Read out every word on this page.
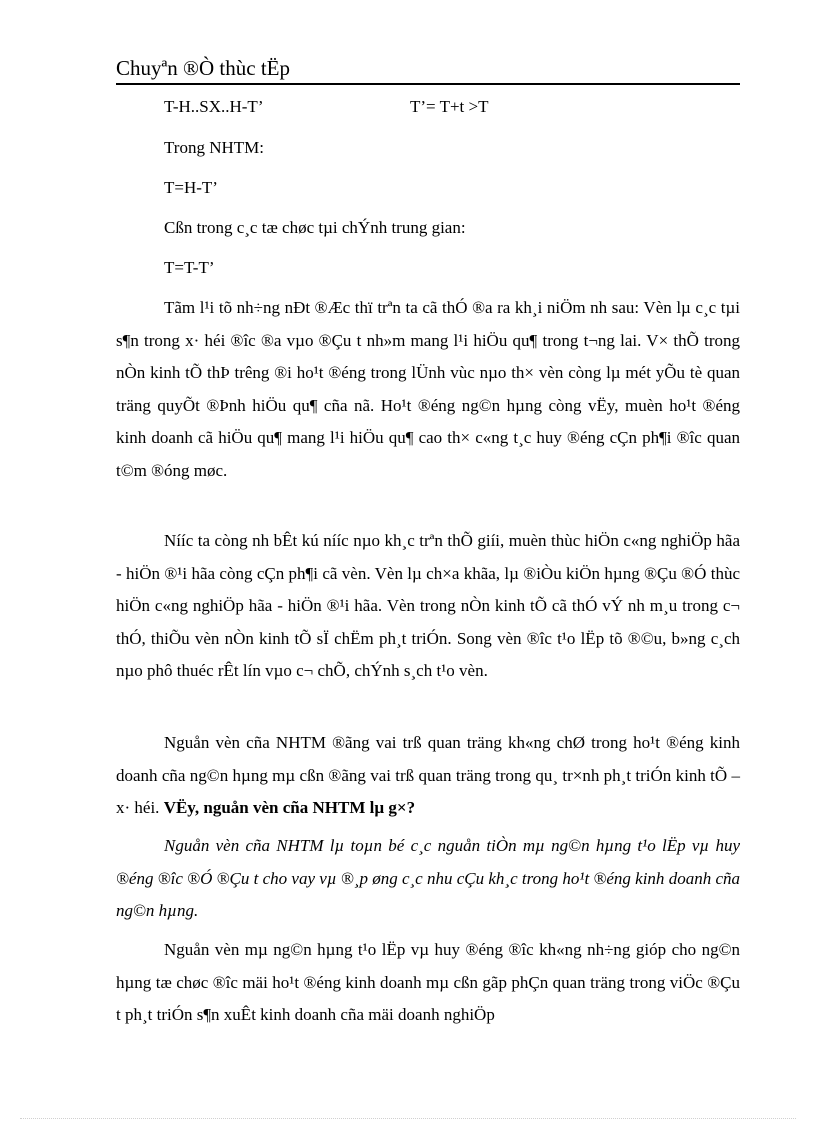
Chuyªn ®Ò thùc tËp
T-H..SX..H-T’	T’= T+t >T
Trong NHTM:
T=H-T’
Cßn trong c¸c tæ chøc tµi chÝnh trung gian:
T=T-T’

Tãm l¹i tõ nh÷ng nÐt ®Æc thï trªn ta cã thÓ ®a ra kh¸i niÖm nh sau: Vèn lµ c¸c tµi s¶n trong x· héi ®îc ®a vµo ®Çu t nh»m mang l¹i hiÖu qu¶ trong t¬ng lai. V× thÕ trong nÒn kinh tÕ thÞ trêng ®i ho¹t ®éng trong lÜnh vùc nµo th× vèn còng lµ mét yÕu tè quan träng quyÕt ®Þnh hiÖu qu¶ cña nã. Ho¹t ®éng ng©n hµng còng vËy, muèn ho¹t ®éng kinh doanh cã hiÖu qu¶ mang l¹i hiÖu qu¶ cao th× c«ng t¸c huy ®éng cÇn ph¶i ®îc quan t©m ®óng møc.

Nííc ta còng nh bÊt kú nííc nµo kh¸c trªn thÕ giíi, muèn thùc hiÖn c«ng nghiÖp hãa - hiÖn ®¹i hãa còng cÇn ph¶i cã vèn. Vèn lµ ch×a khãa, lµ ®iÒu kiÖn hµng ®Çu ®Ó thùc hiÖn c«ng nghiÖp hãa - hiÖn ®¹i hãa. Vèn trong nÒn kinh tÕ cã thÓ vÝ nh m¸u trong c¬ thÓ, thiÕu vèn nÒn kinh tÕ sÏ chËm ph¸t triÓn. Song vèn ®îc t¹o lËp tõ ®©u, b»ng c¸ch nµo phô thuéc rÊt lín vµo c¬ chÕ, chÝnh s¸ch t¹o vèn.

Nguån vèn cña NHTM ®ãng vai trß quan träng kh«ng chØ trong ho¹t ®éng kinh doanh cña ng©n hµng mµ cßn ®ãng vai trß quan träng trong qu¸ tr×nh ph¸t triÓn kinh tÕ – x· héi. VËy, nguån vèn cña NHTM lµ g×?

Nguån vèn cña NHTM lµ toµn bé c¸c nguån tiÒn mµ ng©n hµng t¹o lËp vµ huy ®éng ®îc ®Ó ®Çu t cho vay vµ ®¸p øng c¸c nhu cÇu kh¸c trong ho¹t ®éng kinh doanh cña ng©n hµng.

Nguån vèn mµ ng©n hµng t¹o lËp vµ huy ®éng ®îc kh«ng nh÷ng gióp cho ng©n hµng tæ chøc ®îc mäi ho¹t ®éng kinh doanh mµ cßn gãp phÇn quan träng trong viÖc ®Çu t ph¸t triÓn s¶n xuÊt kinh doanh cña mäi doanh nghiÖp
